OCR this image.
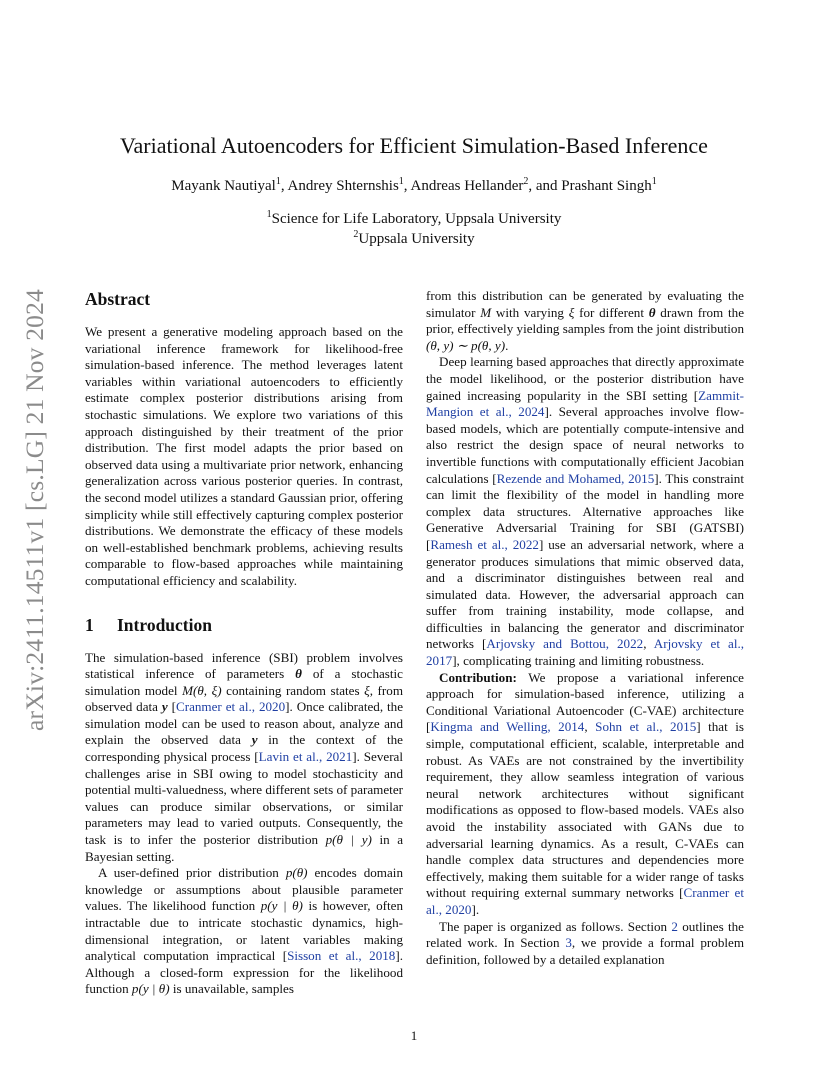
arXiv:2411.14511v1 [cs.LG] 21 Nov 2024
Variational Autoencoders for Efficient Simulation-Based Inference
Mayank Nautiyal$^1$, Andrey Shternshis$^1$, Andreas Hellander$^2$, and Prashant Singh$^1$
$^1$Science for Life Laboratory, Uppsala University
$^2$Uppsala University
Abstract

We present a generative modeling approach based on the variational inference framework for likelihood-free simulation-based inference. The method leverages latent variables within variational autoencoders to efficiently estimate complex posterior distributions arising from stochastic simulations. We explore two variations of this approach distinguished by their treatment of the prior distribution. The first model adapts the prior based on observed data using a multivariate prior network, enhancing generalization across various posterior queries. In contrast, the second model utilizes a standard Gaussian prior, offering simplicity while still effectively capturing complex posterior distributions. We demonstrate the efficacy of these models on well-established benchmark problems, achieving results comparable to flow-based approaches while maintaining computational efficiency and scalability.

1 Introduction

The simulation-based inference (SBI) problem involves statistical inference of parameters θ of a stochastic simulation model M(θ, ξ) containing random states ξ, from observed data y [Cranmer et al., 2020]. Once calibrated, the simulation model can be used to reason about, analyze and explain the observed data y in the context of the corresponding physical process [Lavin et al., 2021]. Several challenges arise in SBI owing to model stochasticity and potential multi-valuedness, where different sets of parameter values can produce similar observations, or similar parameters may lead to varied outputs. Consequently, the task is to infer the posterior distribution p(θ | y) in a Bayesian setting.

A user-defined prior distribution p(θ) encodes domain knowledge or assumptions about plausible parameter values. The likelihood function p(y | θ) is however, often intractable due to intricate stochastic dynamics, high-dimensional integration, or latent variables making analytical computation impractical [Sisson et al., 2018]. Although a closed-form expression for the likelihood function p(y | θ) is unavailable, samples

from this distribution can be generated by evaluating the simulator M with varying ξ for different θ drawn from the prior, effectively yielding samples from the joint distribution (θ, y) ∼ p(θ, y).

Deep learning based approaches that directly approximate the model likelihood, or the posterior distribution have gained increasing popularity in the SBI setting [Zammit-Mangion et al., 2024]. Several approaches involve flow-based models, which are potentially compute-intensive and also restrict the design space of neural networks to invertible functions with computationally efficient Jacobian calculations [Rezende and Mohamed, 2015]. This constraint can limit the flexibility of the model in handling more complex data structures. Alternative approaches like Generative Adversarial Training for SBI (GATSBI) [Ramesh et al., 2022] use an adversarial network, where a generator produces simulations that mimic observed data, and a discriminator distinguishes between real and simulated data. However, the adversarial approach can suffer from training instability, mode collapse, and difficulties in balancing the generator and discriminator networks [Arjovsky and Bottou, 2022, Arjovsky et al., 2017], complicating training and limiting robustness.

Contribution: We propose a variational inference approach for simulation-based inference, utilizing a Conditional Variational Autoencoder (C-VAE) architecture [Kingma and Welling, 2014, Sohn et al., 2015] that is simple, computational efficient, scalable, interpretable and robust. As VAEs are not constrained by the invertibility requirement, they allow seamless integration of various neural network architectures without significant modifications as opposed to flow-based models. VAEs also avoid the instability associated with GANs due to adversarial learning dynamics. As a result, C-VAEs can handle complex data structures and dependencies more effectively, making them suitable for a wider range of tasks without requiring external summary networks [Cranmer et al., 2020].

The paper is organized as follows. Section 2 outlines the related work. In Section 3, we provide a formal problem definition, followed by a detailed explanation

1
